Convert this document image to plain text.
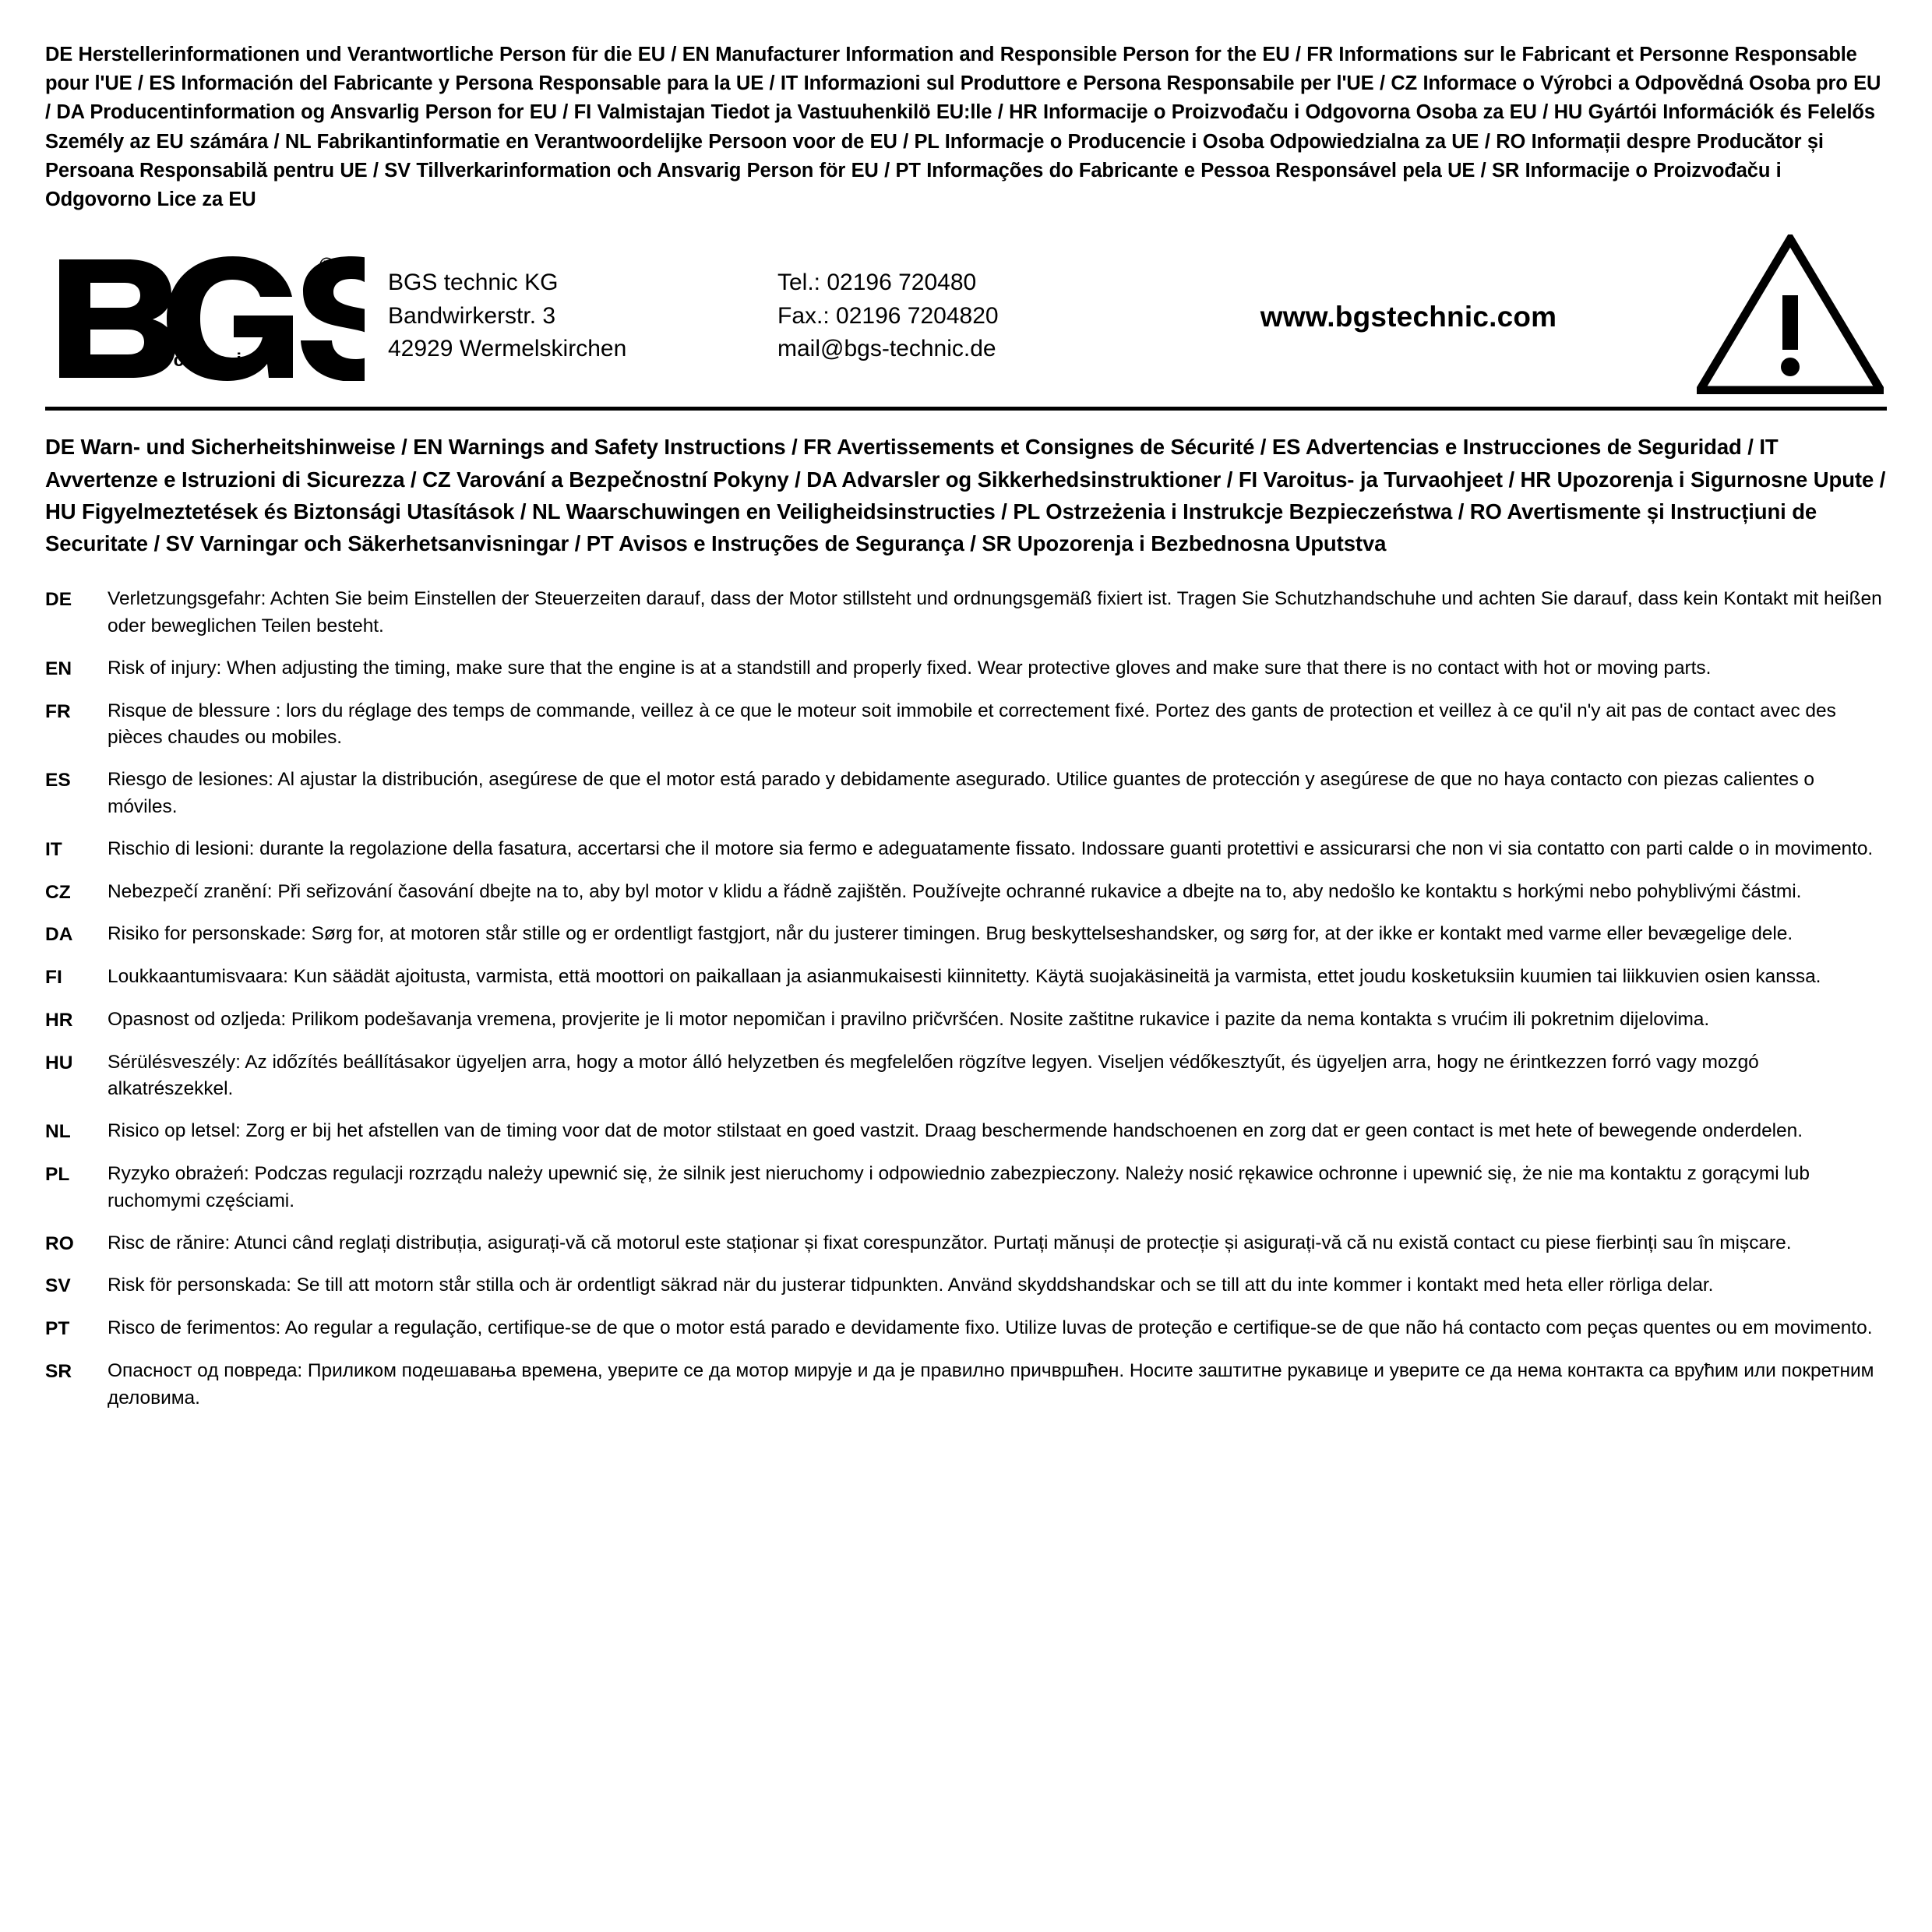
DE Herstellerinformationen und Verantwortliche Person für die EU / EN Manufacturer Information and Responsible Person for the EU / FR Informations sur le Fabricant et Personne Responsable pour l'UE / ES Información del Fabricante y Persona Responsable para la UE / IT Informazioni sul Produttore e Persona Responsabile per l'UE / CZ Informace o Výrobci a Odpovědná Osoba pro EU / DA Producentinformation og Ansvarlig Person for EU / FI Valmistajan Tiedot ja Vastuuhenkilö EU:lle / HR Informacije o Proizvođaču i Odgovorna Osoba za EU / HU Gyártói Információk és Felelős Személy az EU számára / NL Fabrikantinformatie en Verantwoordelijke Persoon voor de EU / PL Informacje o Producencie i Osoba Odpowiedzialna za UE / RO Informații despre Producător și Persoana Responsabilă pentru UE / SV Tillverkarinformation och Ansvarig Person för EU / PT Informações do Fabricante e Pessoa Responsável pela UE / SR Informacije o Proizvođaču i Odgovorno Lice za EU
®
t e c h n i c
BGS technic KG
Bandwirkerstr. 3
42929 Wermelskirchen
Tel.: 02196 720480
Fax.: 02196 7204820
mail@bgs-technic.de
www.bgstechnic.com
DE Warn- und Sicherheitshinweise / EN Warnings and Safety Instructions / FR Avertissements et Consignes de Sécurité / ES Advertencias e Instrucciones de Seguridad / IT Avvertenze e Istruzioni di Sicurezza / CZ Varování a Bezpečnostní Pokyny / DA Advarsler og Sikkerhedsinstruktioner / FI Varoitus- ja Turvaohjeet / HR Upozorenja i Sigurnosne Upute / HU Figyelmeztetések és Biztonsági Utasítások / NL Waarschuwingen en Veiligheidsinstructies / PL Ostrzeżenia i Instrukcje Bezpieczeństwa / RO Avertismente și Instrucțiuni de Securitate / SV Varningar och Säkerhetsanvisningar / PT Avisos e Instruções de Segurança / SR Upozorenja i Bezbednosna Uputstva
DE	Verletzungsgefahr: Achten Sie beim Einstellen der Steuerzeiten darauf, dass der Motor stillsteht und ordnungsgemäß fixiert ist. Tragen Sie Schutzhandschuhe und achten Sie darauf, dass kein Kontakt mit heißen oder beweglichen Teilen besteht.
EN	Risk of injury: When adjusting the timing, make sure that the engine is at a standstill and properly fixed. Wear protective gloves and make sure that there is no contact with hot or moving parts.
FR	Risque de blessure : lors du réglage des temps de commande, veillez à ce que le moteur soit immobile et correctement fixé. Portez des gants de protection et veillez à ce qu'il n'y ait pas de contact avec des pièces chaudes ou mobiles.
ES	Riesgo de lesiones: Al ajustar la distribución, asegúrese de que el motor está parado y debidamente asegurado. Utilice guantes de protección y asegúrese de que no haya contacto con piezas calientes o móviles.
IT	Rischio di lesioni: durante la regolazione della fasatura, accertarsi che il motore sia fermo e adeguatamente fissato. Indossare guanti protettivi e assicurarsi che non vi sia contatto con parti calde o in movimento.
CZ	Nebezpečí zranění: Při seřizování časování dbejte na to, aby byl motor v klidu a řádně zajištěn. Používejte ochranné rukavice a dbejte na to, aby nedošlo ke kontaktu s horkými nebo pohyblivými částmi.
DA	Risiko for personskade: Sørg for, at motoren står stille og er ordentligt fastgjort, når du justerer timingen. Brug beskyttelseshandsker, og sørg for, at der ikke er kontakt med varme eller bevægelige dele.
FI	Loukkaantumisvaara: Kun säädät ajoitusta, varmista, että moottori on paikallaan ja asianmukaisesti kiinnitetty. Käytä suojakäsineitä ja varmista, ettet joudu kosketuksiin kuumien tai liikkuvien osien kanssa.
HR	Opasnost od ozljeda: Prilikom podešavanja vremena, provjerite je li motor nepomičan i pravilno pričvršćen. Nosite zaštitne rukavice i pazite da nema kontakta s vrućim ili pokretnim dijelovima.
HU	Sérülésveszély: Az időzítés beállításakor ügyeljen arra, hogy a motor álló helyzetben és megfelelően rögzítve legyen. Viseljen védőkesztyűt, és ügyeljen arra, hogy ne érintkezzen forró vagy mozgó alkatrészekkel.
NL	Risico op letsel: Zorg er bij het afstellen van de timing voor dat de motor stilstaat en goed vastzit. Draag beschermende handschoenen en zorg dat er geen contact is met hete of bewegende onderdelen.
PL	Ryzyko obrażeń: Podczas regulacji rozrządu należy upewnić się, że silnik jest nieruchomy i odpowiednio zabezpieczony. Należy nosić rękawice ochronne i upewnić się, że nie ma kontaktu z gorącymi lub ruchomymi częściami.
RO	Risc de rănire: Atunci când reglați distribuția, asigurați-vă că motorul este staționar și fixat corespunzător. Purtați mănuși de protecție și asigurați-vă că nu există contact cu piese fierbinți sau în mișcare.
SV	Risk för personskada: Se till att motorn står stilla och är ordentligt säkrad när du justerar tidpunkten. Använd skyddshandskar och se till att du inte kommer i kontakt med heta eller rörliga delar.
PT	Risco de ferimentos: Ao regular a regulação, certifique-se de que o motor está parado e devidamente fixo. Utilize luvas de proteção e certifique-se de que não há contacto com peças quentes ou em movimento.
SR	Опасност од повреда: Приликом подешавања времена, уверите се да мотор мирује и да је правилно причвршћен. Носите заштитне рукавице и уверите се да нема контакта са врућим или покретним деловима.
